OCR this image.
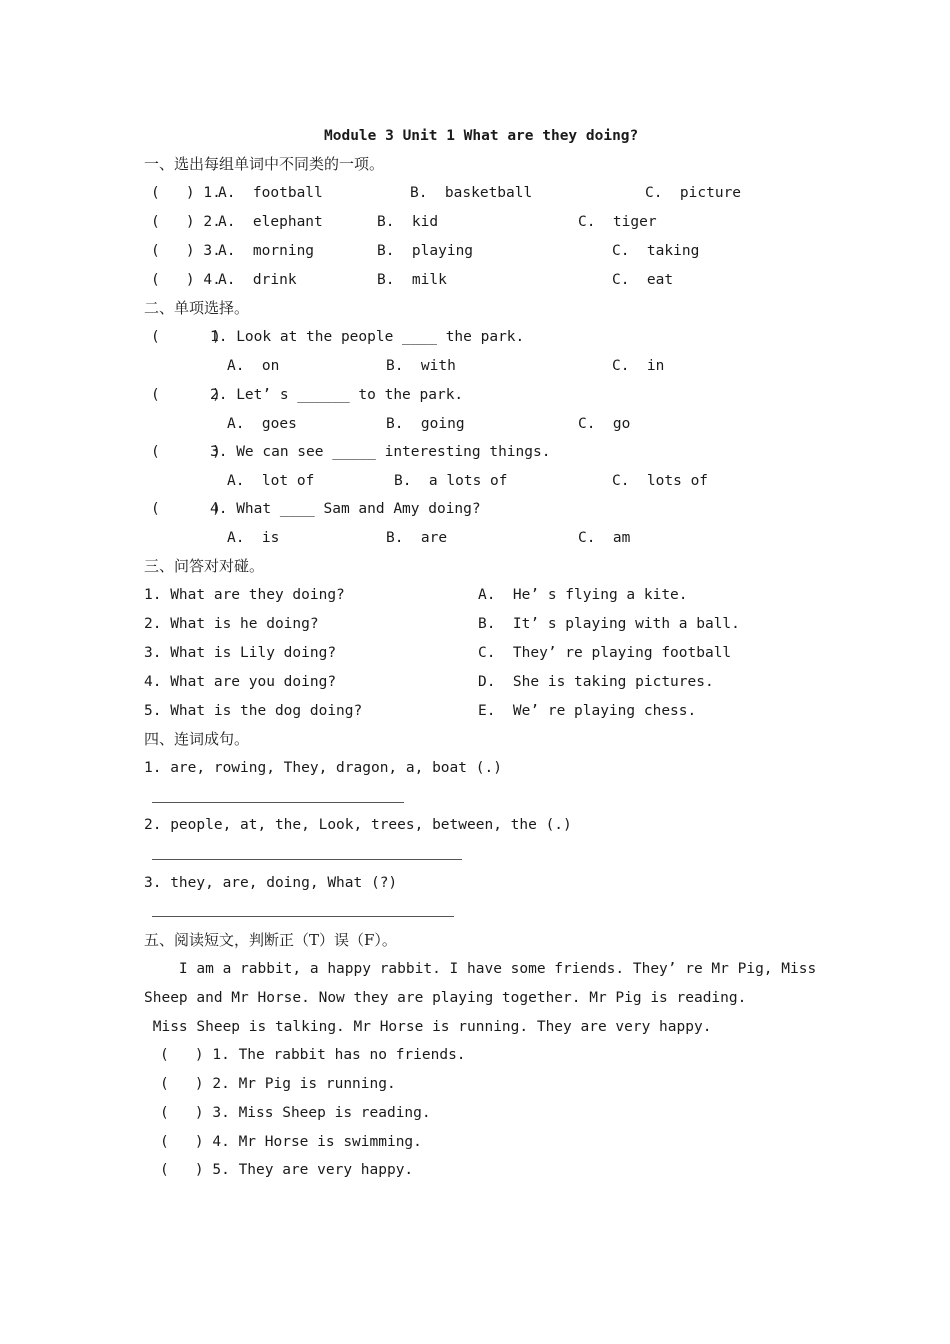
Module 3 Unit 1 What are they doing?
一、选出每组单词中不同类的一项。
(   ) 1.
A.  football	B.  basketball	C.  picture
(   ) 2.
A.  elephant	B.  kid	C.  tiger
(   ) 3.
A.  morning	B.  playing	C.  taking
(   ) 4.
A.  drink	B.  milk	C.  eat
二、单项选择。
(      )
1. Look at the people ____ the park.
A.  on	B.  with	C.  in
(      )
2. Let’ s ______ to the park.
A.  goes	B.  going	C.  go
(      )
3. We can see _____ interesting things.
A.  lot of	B.  a lots of	C.  lots of
(      )
4. What ____ Sam and Amy doing?
A.  is	B.  are	C.  am
三、问答对对碰。
1. What are they doing?	A.  He’ s flying a kite.
2. What is he doing?	B.  It’ s playing with a ball.
3. What is Lily doing?	C.  They’ re playing football
4. What are you doing?	D.  She is taking pictures.
5. What is the dog doing?	E.  We’ re playing chess.
四、连词成句。
1. are, rowing, They, dragon, a, boat (.)
2. people, at, the, Look, trees, between, the (.)
3. they, are, doing, What (?)
五、阅读短文，判断正（T）误（F）。
I am a rabbit, a happy rabbit. I have some friends. They’ re Mr Pig, Miss
Sheep and Mr Horse. Now they are playing together. Mr Pig is reading.
Miss Sheep is talking. Mr Horse is running. They are very happy.
(   ) 1. The rabbit has no friends.
(   ) 2. Mr Pig is running.
(   ) 3. Miss Sheep is reading.
(   ) 4. Mr Horse is swimming.
(   ) 5. They are very happy.
